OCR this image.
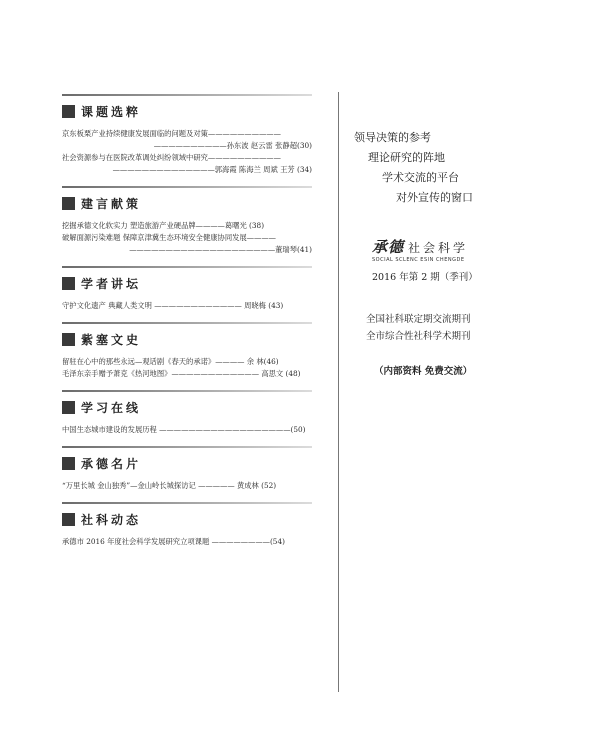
课题选粹
京东板栗产业持续健康发展面临的问题及对策——————————
——————————孙东波 赵云雷 张静超(30)
社会资源参与在医院改革调处纠纷领域中研究——————————
——————————————郭海霞 陈海兰 周斌 王芳 (34)
建言献策
挖掘承德文化软实力 塑造旅游产业硬品牌————葛曙光 (38)
破解面源污染难题 保障京津冀生态环境安全健康协同发展————
————————————————————董瑞琴(41)
学者讲坛
守护文化遗产 典藏人类文明 ———————————— 周晓梅 (43)
紫塞文史
留驻在心中的那些永远—观话剧《春天的承诺》———— 余 林(46)
毛泽东亲手赠予萧克《热河地图》———————————— 高思文 (48)
学习在线
中国生态城市建设的发展历程 ——————————————————(50)
承德名片
“万里长城 金山独秀”—金山岭长城探访记 ————— 黄成林 (52)
社科动态
承德市 2016 年度社会科学发展研究立项课题 ————————(54)
领导决策的参考
理论研究的阵地
学术交流的平台
对外宣传的窗口
承德 社会科学
SOCIAL SCLENC ESIN CHENGDE
2016 年第 2 期（季刊）
全国社科联定期交流期刊
全市综合性社科学术期刊
（内部资料 免费交流）
